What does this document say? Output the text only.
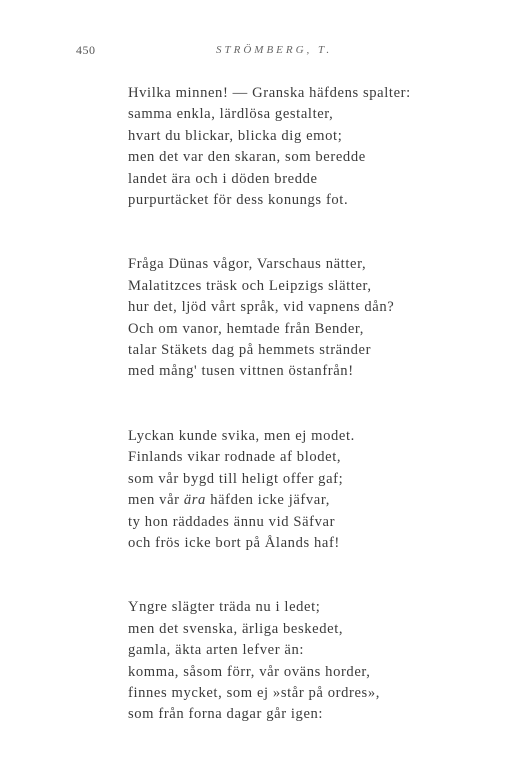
450	STRÖMBERG, T.
Hvilka minnen! — Granska häfdens spalter:
samma enkla, lärdlösa gestalter,
hvart du blickar, blicka dig emot;
men det var den skaran, som beredde
landet ära och i döden bredde
purpurtäcket för dess konungs fot.
Fråga Dünas vågor, Varschaus nätter,
Malatitzces träsk och Leipzigs slätter,
hur det, ljöd vårt språk, vid vapnens dån?
Och om vanor, hemtade från Bender,
talar Stäkets dag på hemmets stränder
med mång' tusen vittnen östanfrån!
Lyckan kunde svika, men ej modet.
Finlands vikar rodnade af blodet,
som vår bygd till heligt offer gaf;
men vår ära häfden icke jäfvar,
ty hon räddades ännu vid Säfvar
och frös icke bort på Ålands haf!
Yngre slägter träda nu i ledet;
men det svenska, ärliga beskedet,
gamla, äkta arten lefver än:
komma, såsom förr, vår oväns horder,
finnes mycket, som ej »står på ordres»,
som från forna dagar går igen:
